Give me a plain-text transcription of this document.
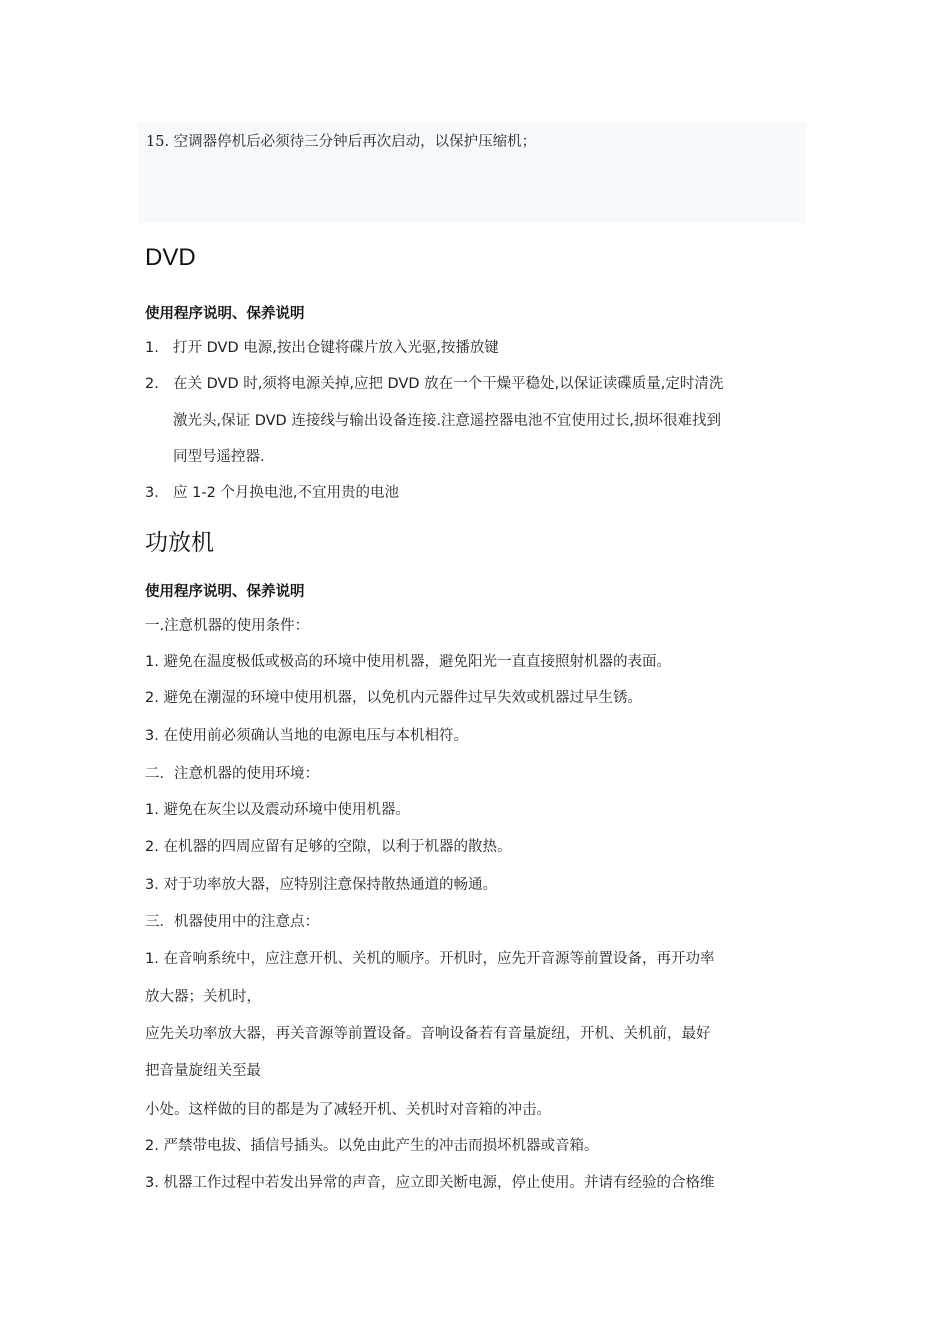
15. 空调器停机后必须待三分钟后再次启动，以保护压缩机；
DVD
使用程序说明、保养说明
1. 打开 DVD 电源,按出仓键将碟片放入光驱,按播放键
2. 在关 DVD 时,须将电源关掉,应把 DVD 放在一个干燥平稳处,以保证读碟质量,定时清洗
激光头,保证 DVD 连接线与输出设备连接.注意遥控器电池不宜使用过长,损坏很难找到
同型号遥控器.
3. 应 1-2 个月换电池,不宜用贵的电池
功放机
使用程序说明、保养说明
一.注意机器的使用条件：
1. 避免在温度极低或极高的环境中使用机器，避免阳光一直直接照射机器的表面。
2. 避免在潮湿的环境中使用机器，以免机内元器件过早失效或机器过早生锈。
3. 在使用前必须确认当地的电源电压与本机相符。
二．注意机器的使用环境：
1. 避免在灰尘以及震动环境中使用机器。
2. 在机器的四周应留有足够的空隙，以利于机器的散热。
3. 对于功率放大器，应特别注意保持散热通道的畅通。
三．机器使用中的注意点：
1. 在音响系统中，应注意开机、关机的顺序。开机时，应先开音源等前置设备，再开功率
放大器；关机时，
应先关功率放大器，再关音源等前置设备。音响设备若有音量旋纽，开机、关机前，最好
把音量旋纽关至最
小处。这样做的目的都是为了减轻开机、关机时对音箱的冲击。
2. 严禁带电拔、插信号插头。以免由此产生的冲击而损坏机器或音箱。
3. 机器工作过程中若发出异常的声音，应立即关断电源，停止使用。并请有经验的合格维
